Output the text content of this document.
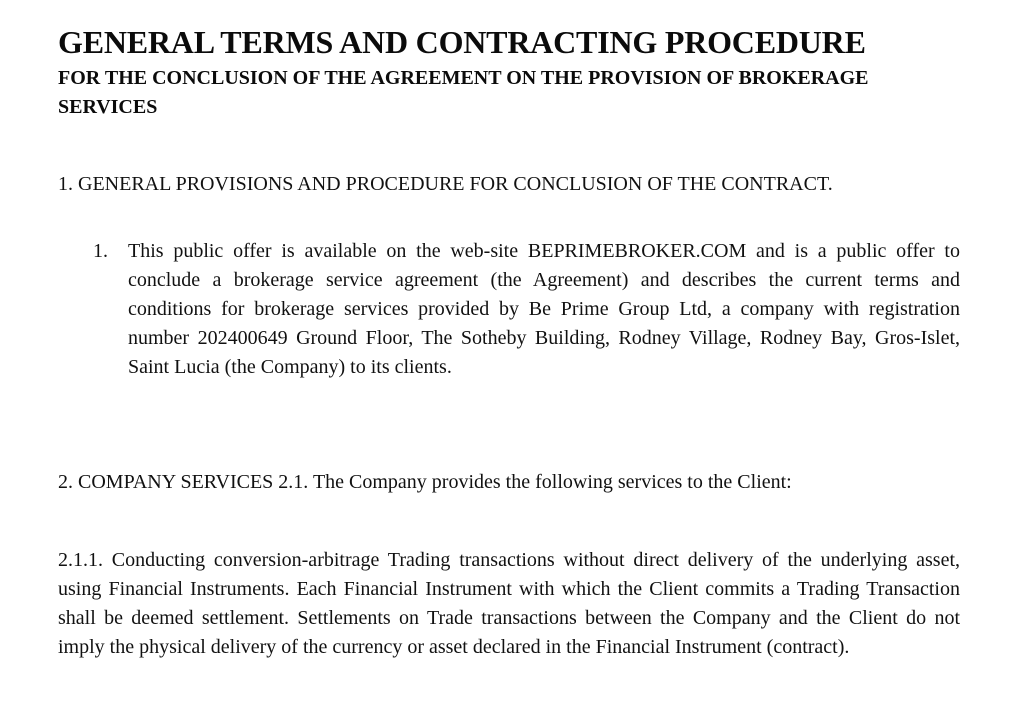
GENERAL TERMS AND CONTRACTING PROCEDURE
FOR THE CONCLUSION OF THE AGREEMENT ON THE PROVISION OF BROKERAGE SERVICES

1. GENERAL PROVISIONS AND PROCEDURE FOR CONCLUSION OF THE CONTRACT.

1. This public offer is available on the web-site BEPRIMEBROKER.COM and is a public offer to conclude a brokerage service agreement (the Agreement) and describes the current terms and conditions for brokerage services provided by Be Prime Group Ltd, a company with registration number 202400649 Ground Floor, The Sotheby Building, Rodney Village, Rodney Bay, Gros-Islet, Saint Lucia (the Company) to its clients.

2. COMPANY SERVICES 2.1. The Company provides the following services to the Client:

2.1.1. Conducting conversion-arbitrage Trading transactions without direct delivery of the underlying asset, using Financial Instruments. Each Financial Instrument with which the Client commits a Trading Transaction shall be deemed settlement. Settlements on Trade transactions between the Company and the Client do not imply the physical delivery of the currency or asset declared in the Financial Instrument (contract).
